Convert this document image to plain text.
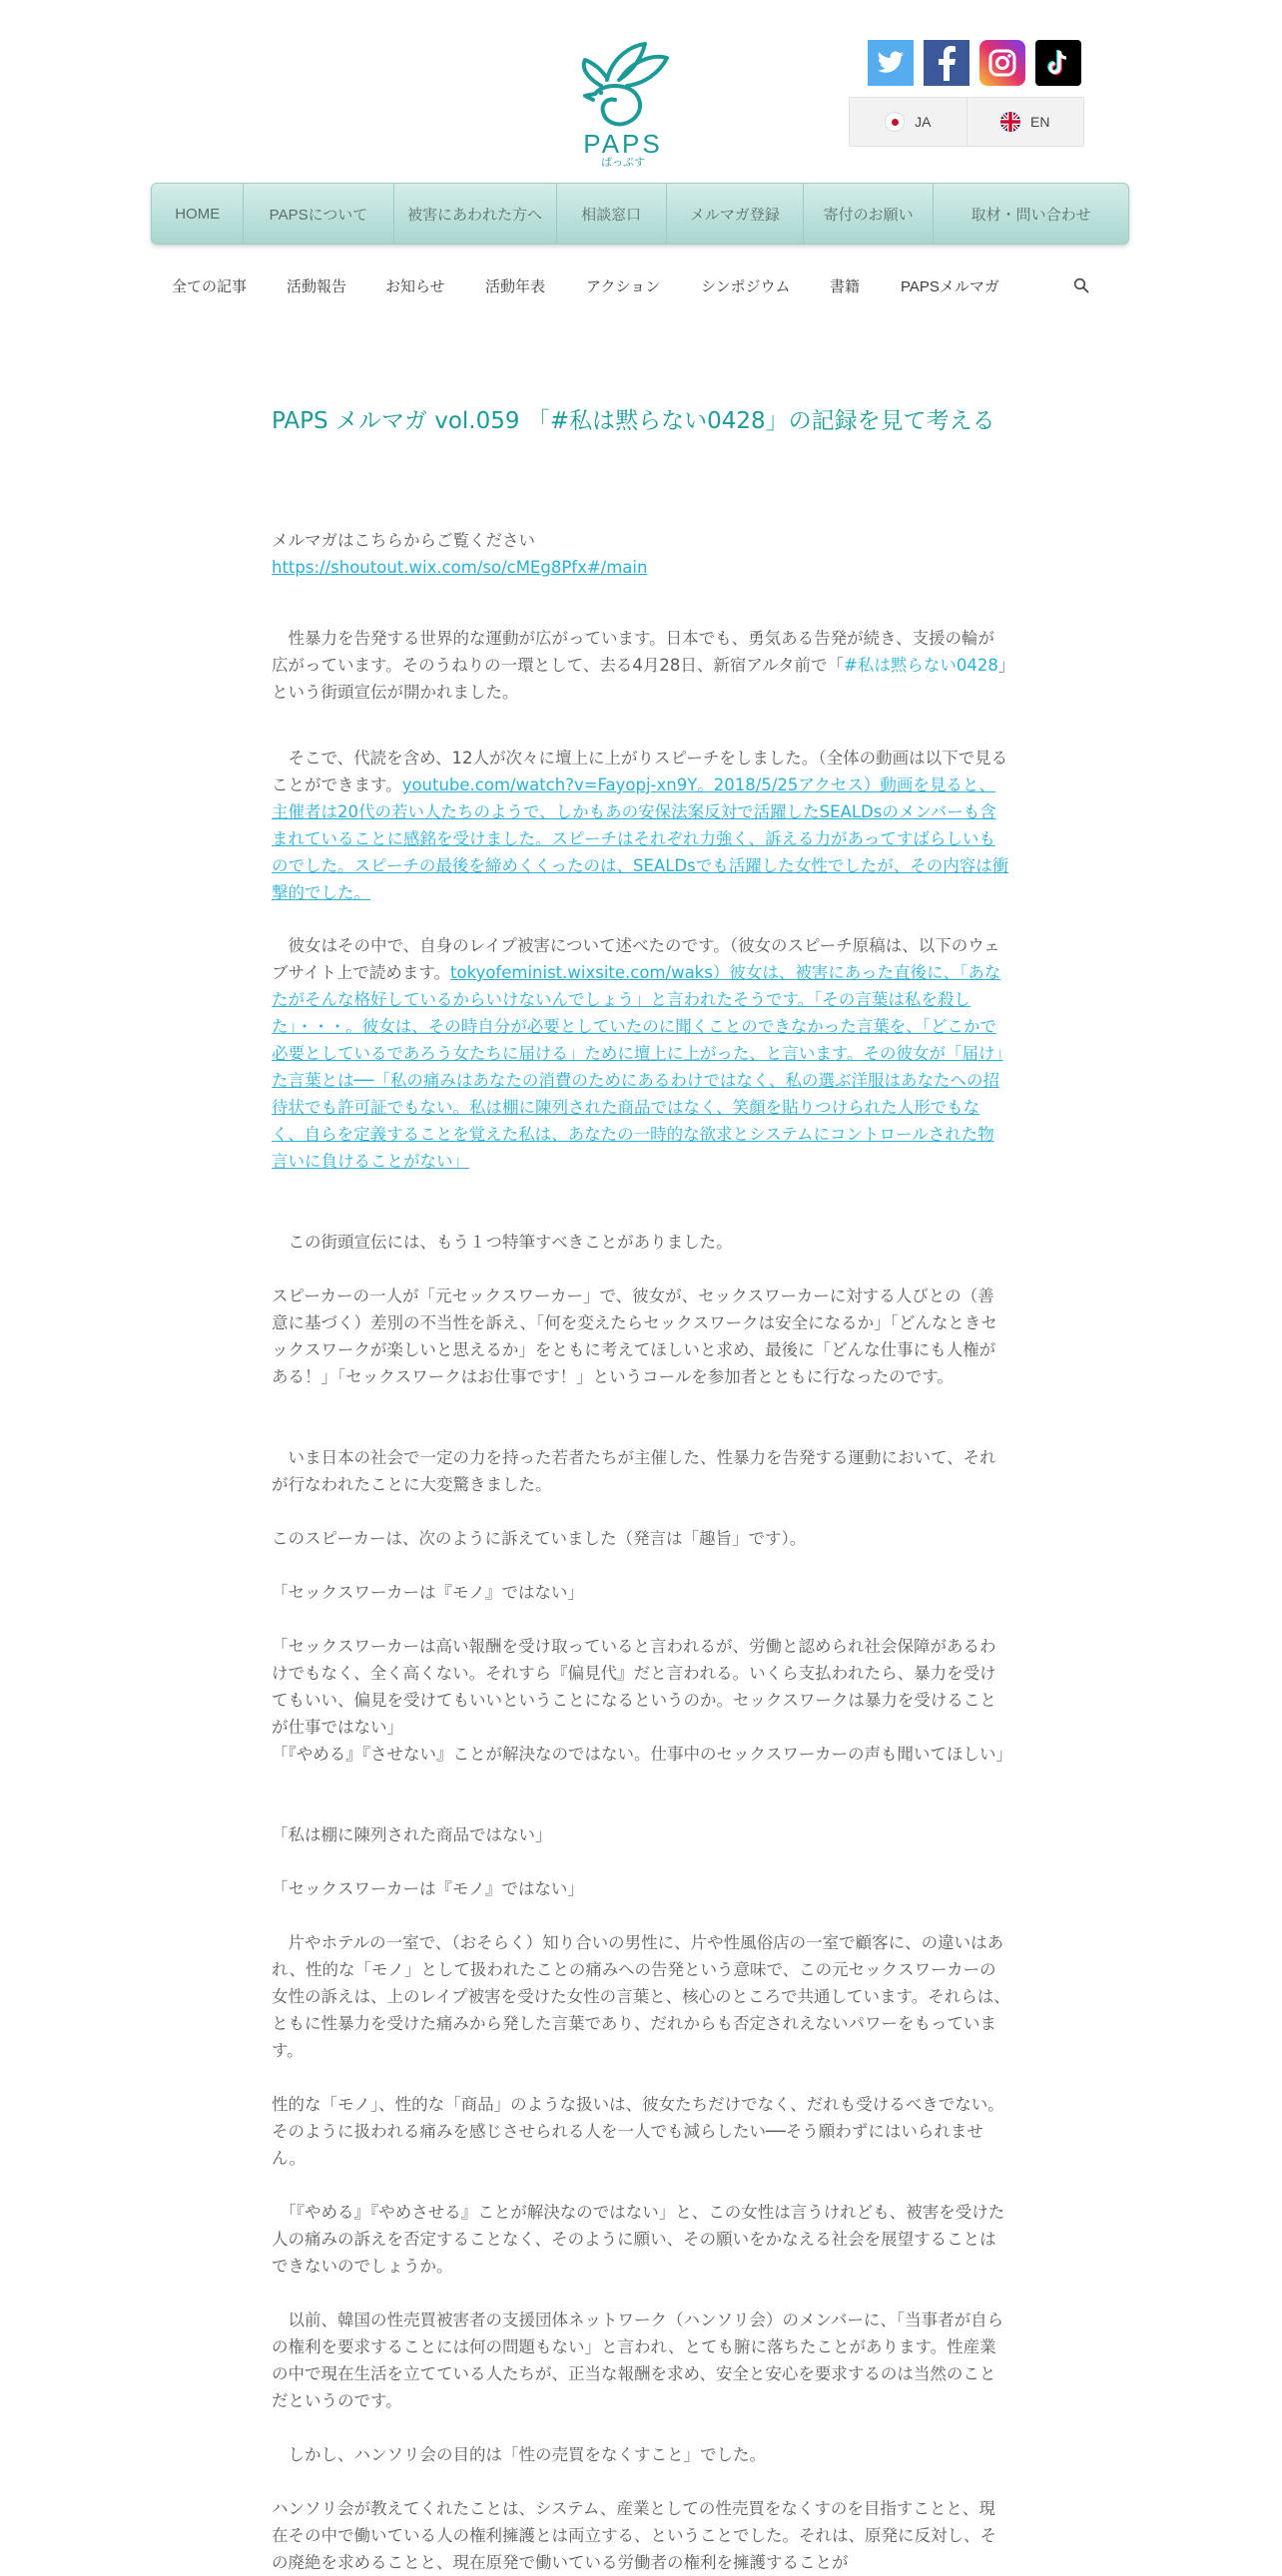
PAPS
ぱっぷす
JA	EN
HOME	PAPSについて	被害にあわれた方へ	相談窓口	メルマガ登録	寄付のお願い	取材・問い合わせ
全ての記事	活動報告	お知らせ	活動年表	アクション	シンポジウム	書籍	PAPSメルマガ
PAPS メルマガ vol.059 「#私は黙らない0428」の記録を見て考える

メルマガはこちらからご覧ください
https://shoutout.wix.com/so/cMEg8Pfx#/main

　性暴力を告発する世界的な運動が広がっています。日本でも、勇気ある告発が続き、支援の輪が広がっています。そのうねりの一環として、去る4月28日、新宿アルタ前で「#私は黙らない0428」という街頭宣伝が開かれました。

　そこで、代読を含め、12人が次々に壇上に上がりスピーチをしました。（全体の動画は以下で見ることができます。youtube.com/watch?v=Fayopj-xn9Y。2018/5/25アクセス）動画を見ると、主催者は20代の若い人たちのようで、しかもあの安保法案反対で活躍したSEALDsのメンバーも含まれていることに感銘を受けました。スピーチはそれぞれ力強く、訴える力があってすばらしいものでした。スピーチの最後を締めくくったのは、SEALDsでも活躍した女性でしたが、その内容は衝撃的でした。

　彼女はその中で、自身のレイプ被害について述べたのです。（彼女のスピーチ原稿は、以下のウェブサイト上で読めます。tokyofeminist.wixsite.com/waks）彼女は、被害にあった直後に、「あなたがそんな格好しているからいけないんでしょう」と言われたそうです。「その言葉は私を殺した」・・・。彼女は、その時自分が必要としていたのに聞くことのできなかった言葉を、「どこかで必要としているであろう女たちに届ける」ために壇上に上がった、と言います。その彼女が「届け」た言葉とは──「私の痛みはあなたの消費のためにあるわけではなく、私の選ぶ洋服はあなたへの招待状でも許可証でもない。私は棚に陳列された商品ではなく、笑顔を貼りつけられた人形でもなく、自らを定義することを覚えた私は、あなたの一時的な欲求とシステムにコントロールされた物言いに負けることがない」

　この街頭宣伝には、もう１つ特筆すべきことがありました。

スピーカーの一人が「元セックスワーカー」で、彼女が、セックスワーカーに対する人びとの（善意に基づく）差別の不当性を訴え、「何を変えたらセックスワークは安全になるか」「どんなときセックスワークが楽しいと思えるか」をともに考えてほしいと求め、最後に「どんな仕事にも人権がある！」「セックスワークはお仕事です！」というコールを参加者とともに行なったのです。

　いま日本の社会で一定の力を持った若者たちが主催した、性暴力を告発する運動において、それが行なわれたことに大変驚きました。

このスピーカーは、次のように訴えていました（発言は「趣旨」です）。

「セックスワーカーは『モノ』ではない」

「セックスワーカーは高い報酬を受け取っていると言われるが、労働と認められ社会保障があるわけでもなく、全く高くない。それすら『偏見代』だと言われる。いくら支払われたら、暴力を受けてもいい、偏見を受けてもいいということになるというのか。セックスワークは暴力を受けることが仕事ではない」

「『やめる』『させない』ことが解決なのではない。仕事中のセックスワーカーの声も聞いてほしい」

「私は棚に陳列された商品ではない」

「セックスワーカーは『モノ』ではない」

　片やホテルの一室で、（おそらく）知り合いの男性に、片や性風俗店の一室で顧客に、の違いはあれ、性的な「モノ」として扱われたことの痛みへの告発という意味で、この元セックスワーカーの女性の訴えは、上のレイプ被害を受けた女性の言葉と、核心のところで共通しています。それらは、ともに性暴力を受けた痛みから発した言葉であり、だれからも否定されえないパワーをもっています。

性的な「モノ」、性的な「商品」のような扱いは、彼女たちだけでなく、だれも受けるべきでない。そのように扱われる痛みを感じさせられる人を一人でも減らしたい──そう願わずにはいられません。

　「『やめる』『やめさせる』ことが解決なのではない」と、この女性は言うけれども、被害を受けた人の痛みの訴えを否定することなく、そのように願い、その願いをかなえる社会を展望することはできないのでしょうか。

　以前、韓国の性売買被害者の支援団体ネットワーク（ハンソリ会）のメンバーに、「当事者が自らの権利を要求することには何の問題もない」と言われ、とても腑に落ちたことがあります。性産業の中で現在生活を立てている人たちが、正当な報酬を求め、安全と安心を要求するのは当然のことだというのです。

　しかし、ハンソリ会の目的は「性の売買をなくすこと」でした。

ハンソリ会が教えてくれたことは、システム、産業としての性売買をなくすのを目指すことと、現在その中で働いている人の権利擁護とは両立する、ということでした。それは、原発に反対し、その廃絶を求めることと、現在原発で働いている労働者の権利を擁護することが
